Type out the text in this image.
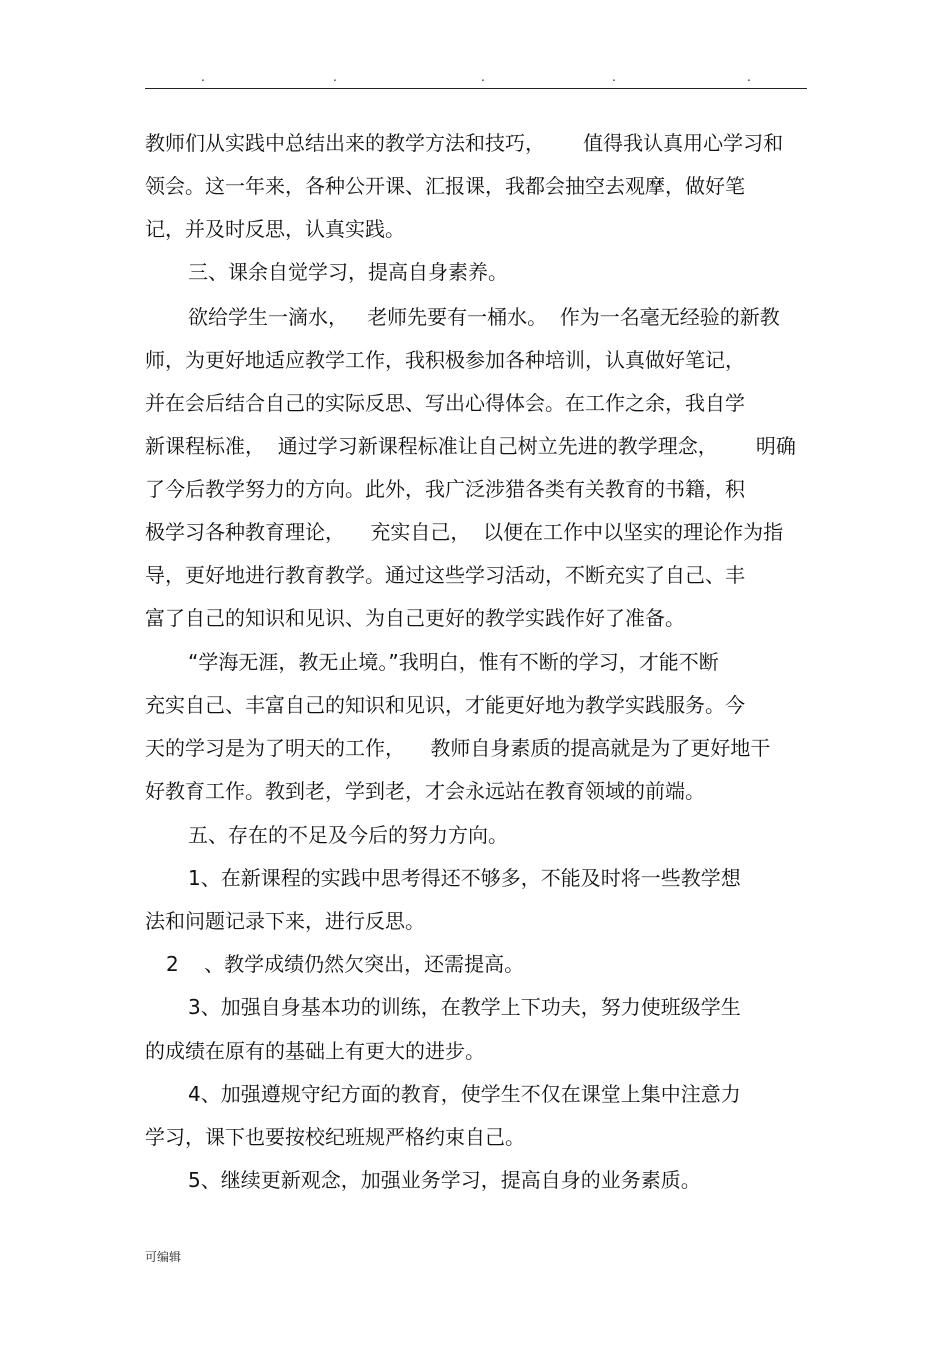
.	.	.	.	.
教师们从实践中总结出来的教学方法和技巧，      值得我认真用心学习和
领会。这一年来，各种公开课、汇报课，我都会抽空去观摩，做好笔
记，并及时反思，认真实践。
三、课余自觉学习，提高自身素养。
欲给学生一滴水，   老师先要有一桶水。  作为一名毫无经验的新教
师，为更好地适应教学工作，我积极参加各种培训，认真做好笔记，
并在会后结合自己的实际反思、写出心得体会。在工作之余，我自学
新课程标准，  通过学习新课程标准让自己树立先进的教学理念，      明确
了今后教学努力的方向。此外，我广泛涉猎各类有关教育的书籍，积
极学习各种教育理论，    充实自己，  以便在工作中以坚实的理论作为指
导，更好地进行教育教学。通过这些学习活动，不断充实了自己、丰
富了自己的知识和见识、为自己更好的教学实践作好了准备。
“学海无涯，教无止境。”我明白，惟有不断的学习，才能不断
充实自己、丰富自己的知识和见识，才能更好地为教学实践服务。今
天的学习是为了明天的工作，    教师自身素质的提高就是为了更好地干
好教育工作。教到老，学到老，才会永远站在教育领域的前端。
五、存在的不足及今后的努力方向。
1、在新课程的实践中思考得还不够多，不能及时将一些教学想
法和问题记录下来，进行反思。
2    、教学成绩仍然欠突出，还需提高。
3、加强自身基本功的训练，在教学上下功夫，努力使班级学生
的成绩在原有的基础上有更大的进步。
4、加强遵规守纪方面的教育，使学生不仅在课堂上集中注意力
学习，课下也要按校纪班规严格约束自己。
5、继续更新观念，加强业务学习，提高自身的业务素质。
可编辑
